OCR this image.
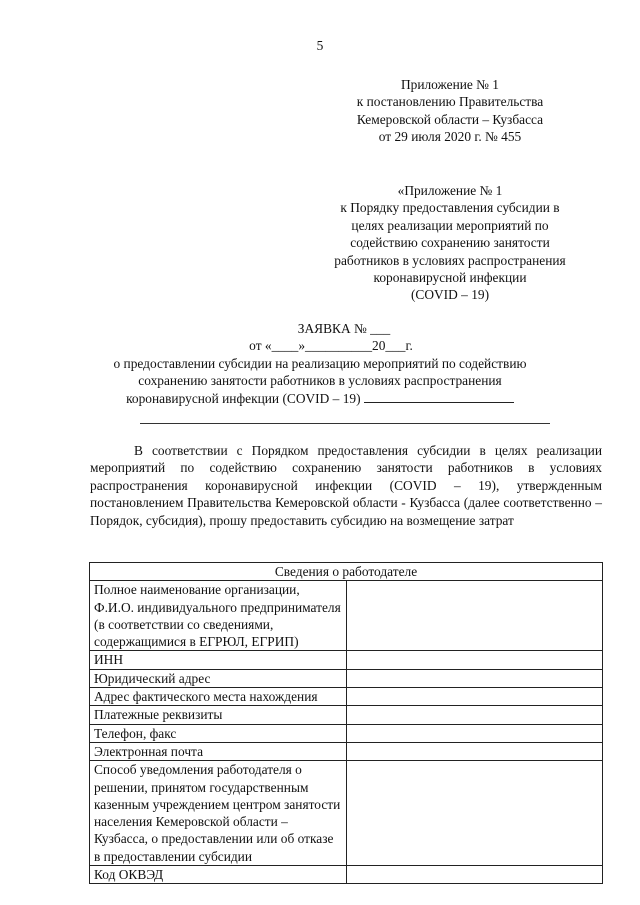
5
Приложение № 1
к постановлению Правительства
Кемеровской области – Кузбасса
от 29 июля 2020 г. № 455
«Приложение № 1
к Порядку предоставления субсидии в
целях реализации мероприятий по
содействию сохранению занятости
работников в условиях распространения
коронавирусной инфекции
(COVID – 19)
ЗАЯВКА № ___
от «____»__________20___г.
о предоставлении субсидии на реализацию мероприятий по содействию
сохранению занятости работников в условиях распространения
коронавирусной инфекции (COVID – 19)

В соответствии с Порядком предоставления субсидии в целях реализации мероприятий по содействию сохранению занятости работников в условиях распространения коронавирусной инфекции (COVID – 19), утвержденным постановлением Правительства Кемеровской области - Кузбасса (далее соответственно – Порядок, субсидия), прошу предоставить субсидию на возмещение затрат

Сведения о работодателе	
Полное наименование организации, Ф.И.О. индивидуального предпринимателя (в соответствии со сведениями, содержащимися в ЕГРЮЛ, ЕГРИП)	
ИНН	
Юридический адрес	
Адрес фактического места нахождения	
Платежные реквизиты	
Телефон, факс	
Электронная почта	
Способ уведомления работодателя о решении, принятом государственным казенным учреждением центром занятости населения Кемеровской области – Кузбасса, о предоставлении или об отказе в предоставлении субсидии	
Код ОКВЭД	
